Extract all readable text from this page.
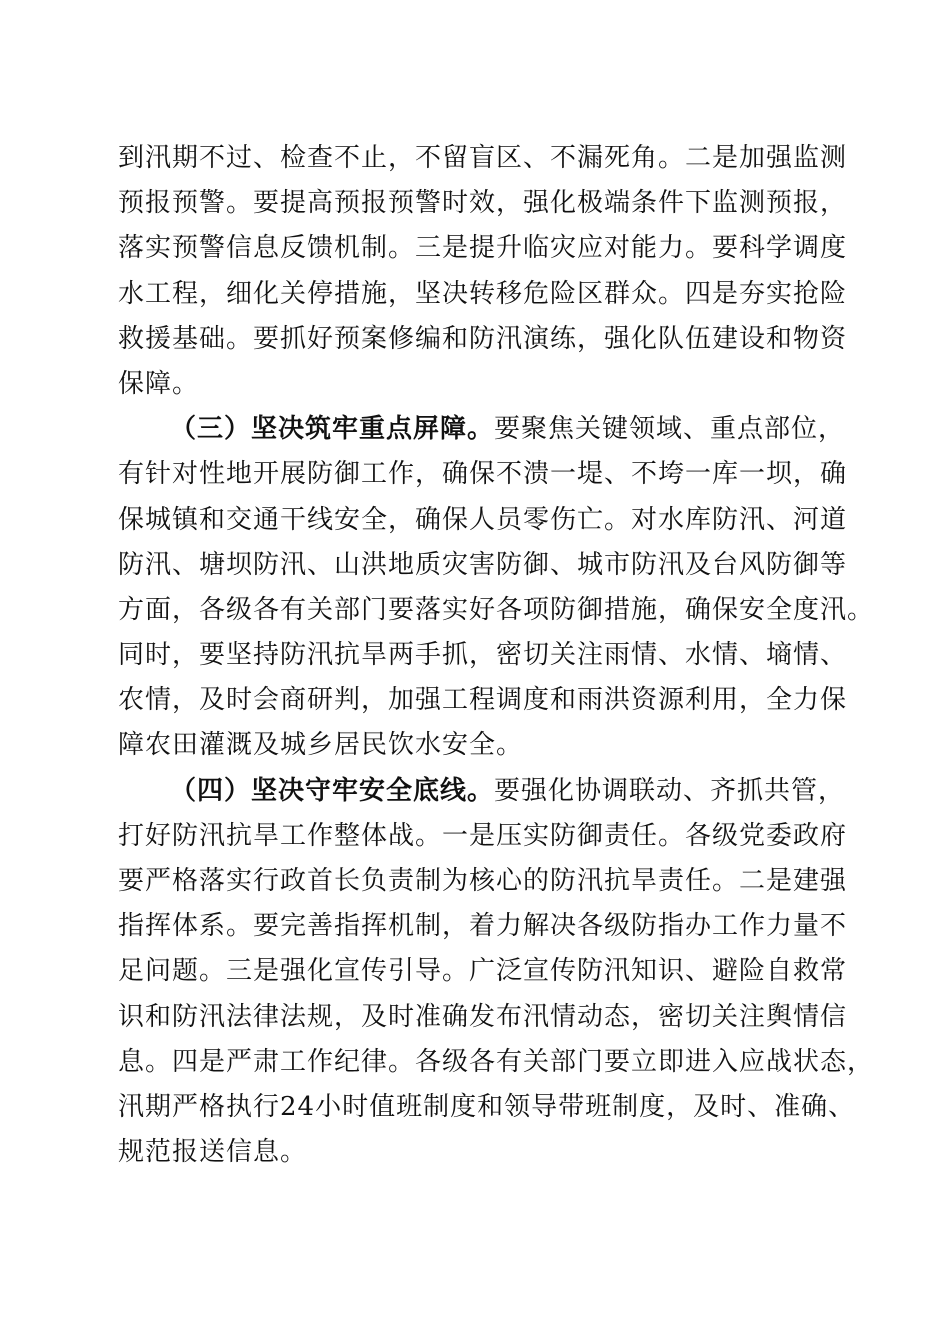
到汛期不过、检查不止，不留盲区、不漏死角。二是加强监测
预报预警。要提高预报预警时效，强化极端条件下监测预报，
落实预警信息反馈机制。三是提升临灾应对能力。要科学调度
水工程，细化关停措施，坚决转移危险区群众。四是夯实抢险
救援基础。要抓好预案修编和防汛演练，强化队伍建设和物资
保障。
（三）坚决筑牢重点屏障。要聚焦关键领域、重点部位，
有针对性地开展防御工作，确保不溃一堤、不垮一库一坝，确
保城镇和交通干线安全，确保人员零伤亡。对水库防汛、河道
防汛、塘坝防汛、山洪地质灾害防御、城市防汛及台风防御等
方面，各级各有关部门要落实好各项防御措施，确保安全度汛。
同时，要坚持防汛抗旱两手抓，密切关注雨情、水情、墒情、
农情，及时会商研判，加强工程调度和雨洪资源利用，全力保
障农田灌溉及城乡居民饮水安全。
（四）坚决守牢安全底线。要强化协调联动、齐抓共管，
打好防汛抗旱工作整体战。一是压实防御责任。各级党委政府
要严格落实行政首长负责制为核心的防汛抗旱责任。二是建强
指挥体系。要完善指挥机制，着力解决各级防指办工作力量不
足问题。三是强化宣传引导。广泛宣传防汛知识、避险自救常
识和防汛法律法规，及时准确发布汛情动态，密切关注舆情信
息。四是严肃工作纪律。各级各有关部门要立即进入应战状态，
汛期严格执行24小时值班制度和领导带班制度，及时、准确、
规范报送信息。
